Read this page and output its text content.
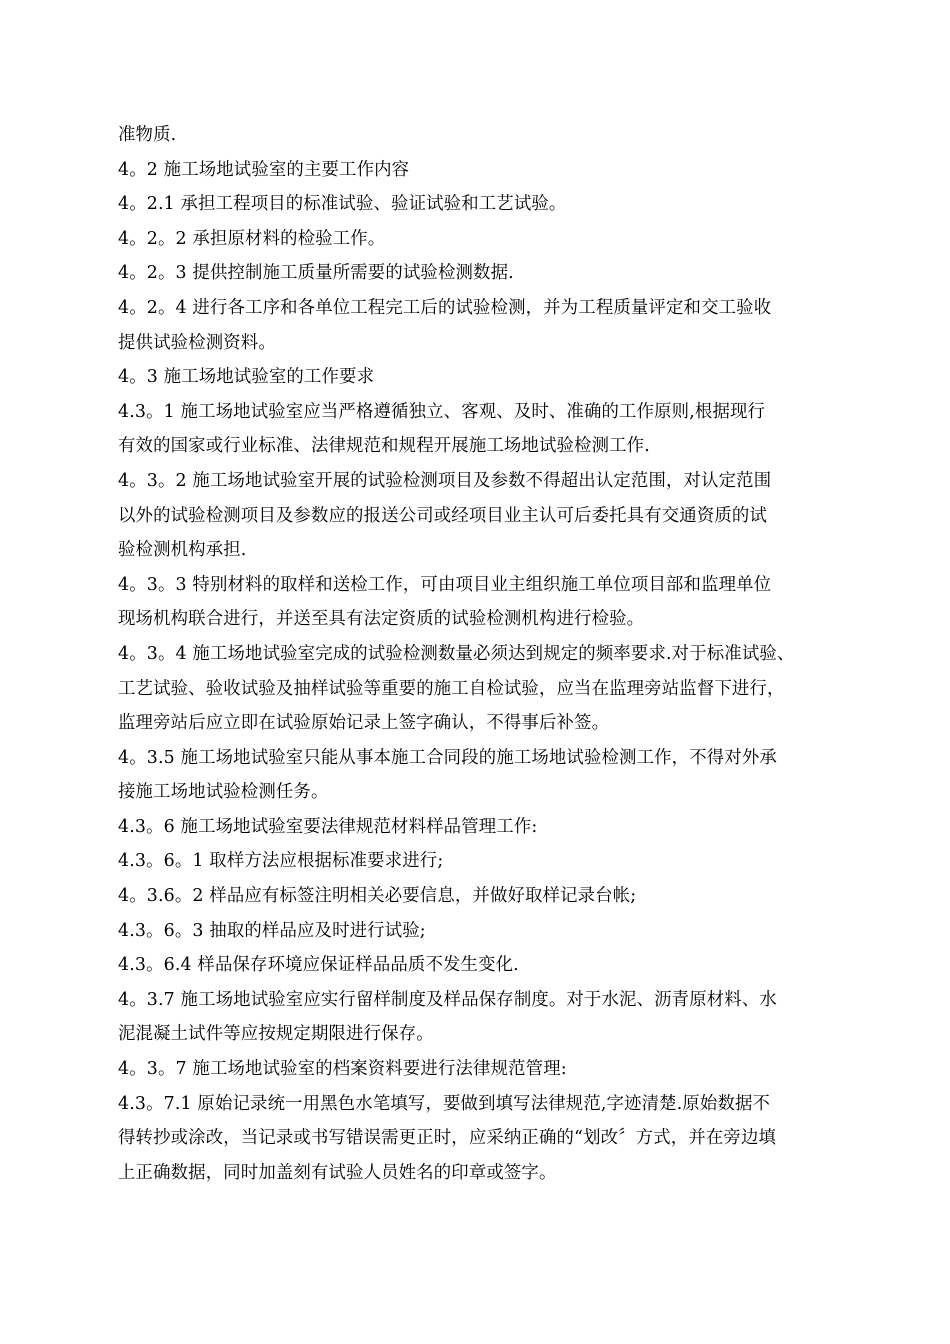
准物质.
4。2 施工场地试验室的主要工作内容
4。2.1 承担工程项目的标准试验、验证试验和工艺试验。
4。2。2 承担原材料的检验工作。
4。2。3 提供控制施工质量所需要的试验检测数据.
4。2。4 进行各工序和各单位工程完工后的试验检测，并为工程质量评定和交工验收
提供试验检测资料。
4。3 施工场地试验室的工作要求
4.3。1 施工场地试验室应当严格遵循独立、客观、及时、准确的工作原则,根据现行
有效的国家或行业标准、法律规范和规程开展施工场地试验检测工作.
4。3。2 施工场地试验室开展的试验检测项目及参数不得超出认定范围，对认定范围
以外的试验检测项目及参数应的报送公司或经项目业主认可后委托具有交通资质的试
验检测机构承担.
4。3。3 特别材料的取样和送检工作，可由项目业主组织施工单位项目部和监理单位
现场机构联合进行，并送至具有法定资质的试验检测机构进行检验。
4。3。4 施工场地试验室完成的试验检测数量必须达到规定的频率要求.对于标准试验、
工艺试验、验收试验及抽样试验等重要的施工自检试验，应当在监理旁站监督下进行，
监理旁站后应立即在试验原始记录上签字确认，不得事后补签。
4。3.5 施工场地试验室只能从事本施工合同段的施工场地试验检测工作，不得对外承
接施工场地试验检测任务。
4.3。6 施工场地试验室要法律规范材料样品管理工作:
4.3。6。1 取样方法应根据标准要求进行;
4。3.6。2 样品应有标签注明相关必要信息，并做好取样记录台帐;
4.3。6。3 抽取的样品应及时进行试验;
4.3。6.4 样品保存环境应保证样品品质不发生变化.
4。3.7 施工场地试验室应实行留样制度及样品保存制度。对于水泥、沥青原材料、水
泥混凝土试件等应按规定期限进行保存。
4。3。7 施工场地试验室的档案资料要进行法律规范管理:
4.3。7.1 原始记录统一用黑色水笔填写，要做到填写法律规范,字迹清楚.原始数据不
得转抄或涂改，当记录或书写错误需更正时，应采纳正确的“划改〞方式，并在旁边填
上正确数据，同时加盖刻有试验人员姓名的印章或签字。
